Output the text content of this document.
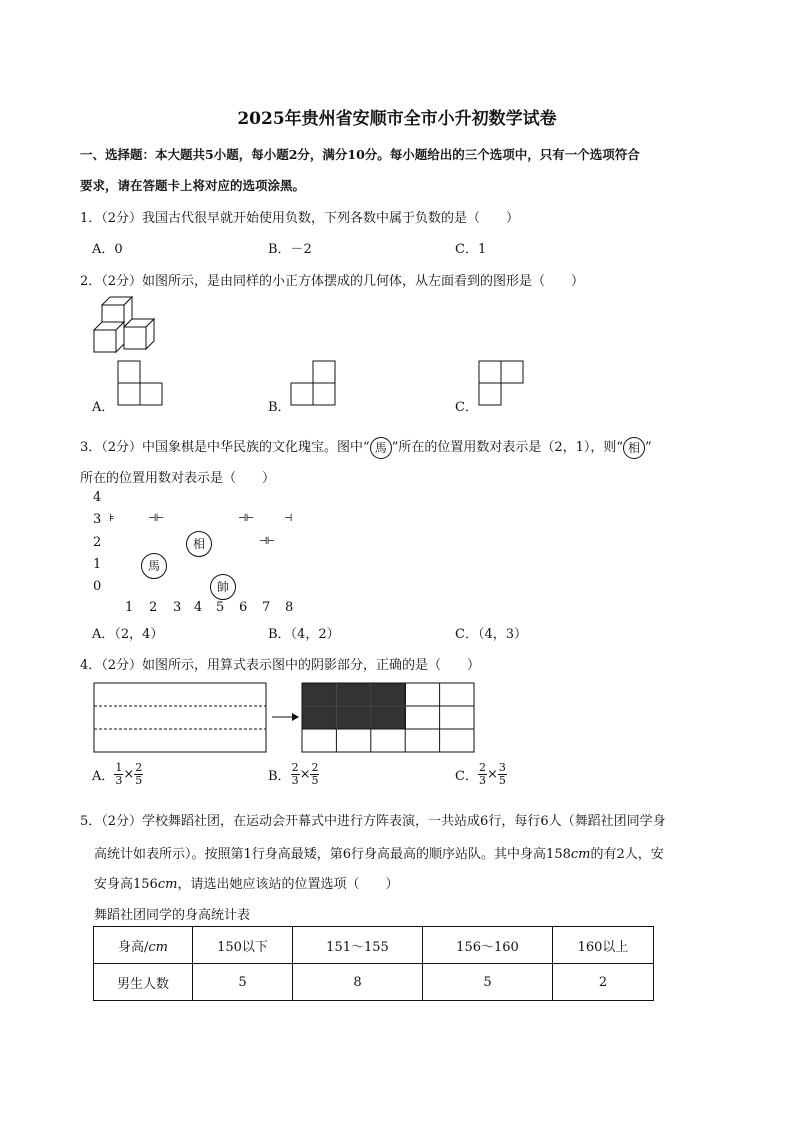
2025年贵州省安顺市全市小升初数学试卷
一、选择题：本大题共5小题，每小题2分，满分10分。每小题给出的三个选项中，只有一个选项符合
要求，请在答题卡上将对应的选项涂黑。
1．（2分）我国古代很早就开始使用负数，下列各数中属于负数的是（　　）
A．0	B．－2	C．1
2．（2分）如图所示，是由同样的小正方体摆成的几何体，从左面看到的图形是（　　）
A．	B．	C．
3．（2分）中国象棋是中华民族的文化瑰宝。图中“ 馬 ”所在的位置用数对表示是（2，1），则“ 相 ”
所在的位置用数对表示是（　　）
4
3
2
1
0
⊧	⊣⊢	⊣⊢	⊣
⊣⊢
相
馬
帥
1 2 3 4 5 6 7 8
A．（2，4）	B．（4，2）	C．（4，3）
4．（2分）如图所示，用算式表示图中的阴影部分，正确的是（　　）
A． $\frac{1}{3} \times \frac{2}{5}$	B． $\frac{2}{3} \times \frac{2}{5}$	C． $\frac{2}{3} \times \frac{3}{5}$
5．（2分）学校舞蹈社团，在运动会开幕式中进行方阵表演，一共站成6行，每行6人（舞蹈社团同学身
高统计如表所示）。按照第1行身高最矮，第6行身高最高的顺序站队。其中身高158cm的有2人，安
安身高156cm，请选出她应该站的位置选项（　　）
舞蹈社团同学的身高统计表
身高/cm	150以下	151～155	156～160	160以上
男生人数	5	8	5	2
